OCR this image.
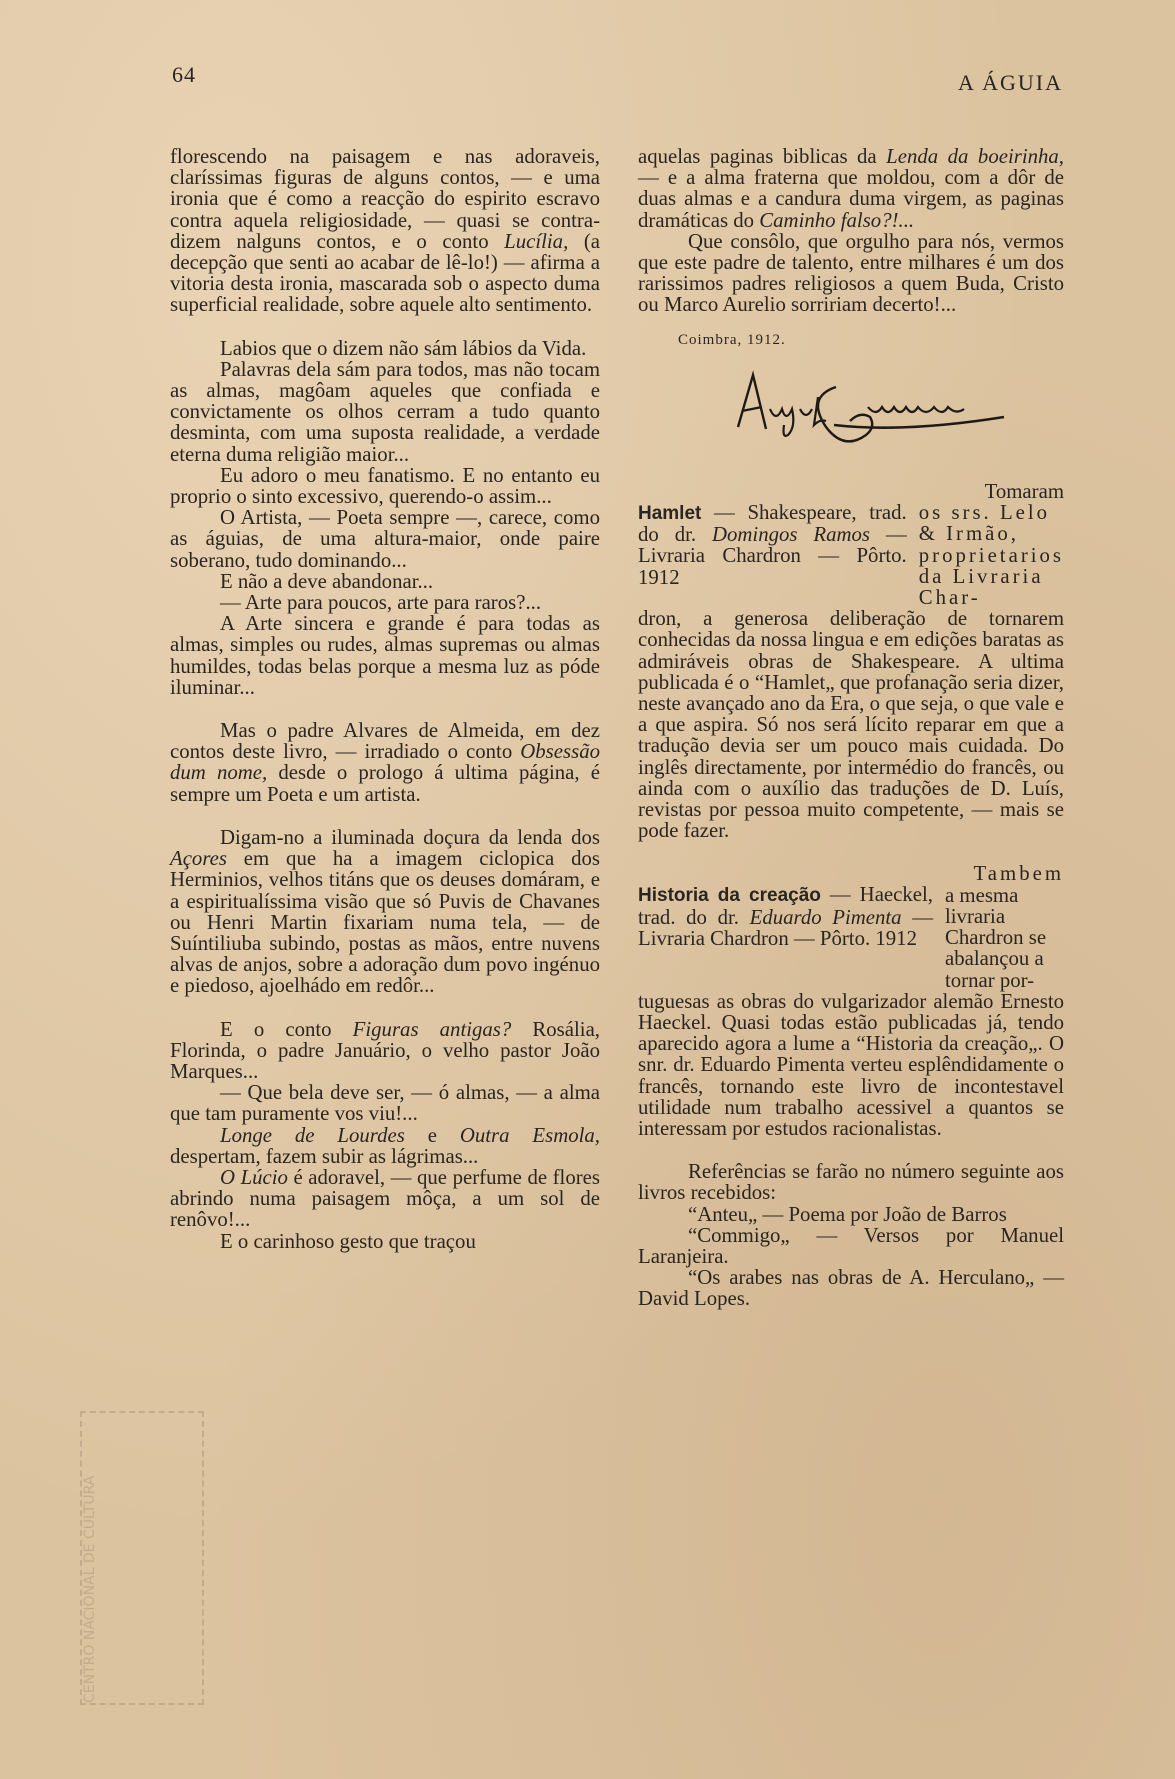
64	A ÁGUIA

florescendo na paisagem e nas adoraveis, claríssimas figuras de alguns contos, — e uma ironia que é como a reacção do espirito escravo contra aquela religiosidade, — quasi se contra-dizem nalguns contos, e o conto Lucília, (a decepção que senti ao acabar de lê-lo!) — afirma a vitoria desta ironia, mascarada sob o aspecto duma superficial realidade, sobre aquele alto sentimento.

Labios que o dizem não sám lábios da Vida.

Palavras dela sám para todos, mas não tocam as almas, magôam aqueles que confiada e convictamente os olhos cerram a tudo quanto desminta, com uma suposta realidade, a verdade eterna duma religião maior...

Eu adoro o meu fanatismo. E no entanto eu proprio o sinto excessivo, querendo-o assim...

O Artista, — Poeta sempre —, carece, como as águias, de uma altura-maior, onde paire soberano, tudo dominando...

E não a deve abandonar...

— Arte para poucos, arte para raros?...

A Arte sincera e grande é para todas as almas, simples ou rudes, almas supremas ou almas humildes, todas belas porque a mesma luz as póde iluminar...

Mas o padre Alvares de Almeida, em dez contos deste livro, — irradiado o conto Obsessão dum nome, desde o prologo á ultima página, é sempre um Poeta e um artista.

Digam-no a iluminada doçura da lenda dos Açores em que ha a imagem ciclopica dos Herminios, velhos titáns que os deuses domáram, e a espiritualíssima visão que só Puvis de Chavanes ou Henri Martin fixariam numa tela, — de Suíntiliuba subindo, postas as mãos, entre nuvens alvas de anjos, sobre a adoração dum povo ingénuo e piedoso, ajoelhádo em redôr...

E o conto Figuras antigas? Rosália, Florinda, o padre Januário, o velho pastor João Marques...

— Que bela deve ser, — ó almas, — a alma que tam puramente vos viu!...

Longe de Lourdes e Outra Esmola, despertam, fazem subir as lágrimas...

O Lúcio é adoravel, — que perfume de flores abrindo numa paisagem môça, a um sol de renôvo!...

E o carinhoso gesto que traçou

aquelas paginas biblicas da Lenda da boeirinha, — e a alma fraterna que moldou, com a dôr de duas almas e a candura duma virgem, as paginas dramáticas do Caminho falso?!...

Que consôlo, que orgulho para nós, vermos que este padre de talento, entre milhares é um dos rarissimos padres religiosos a quem Buda, Cristo ou Marco Aurelio sorririam decerto!...

Coimbra, 1912.

Hamlet — Shakespeare, trad. do dr. Domingos Ramos — Livraria Chardron — Pôrto. 1912

Tomaram

os srs. Lelo & Irmão, proprietarios da Livraria Char-

dron, a generosa deliberação de tornarem conhecidas da nossa lingua e em edições baratas as admiráveis obras de Shakespeare. A ultima publicada é o “Hamlet„ que profanação seria dizer, neste avançado ano da Era, o que seja, o que vale e a que aspira. Só nos será lícito reparar em que a tradução devia ser um pouco mais cuidada. Do inglês directamente, por intermédio do francês, ou ainda com o auxílio das traduções de D. Luís, revistas por pessoa muito competente, — mais se pode fazer.

Historia da creação — Haeckel, trad. do dr. Eduardo Pimenta — Livraria Chardron — Pôrto. 1912

Tambem

a mesma livraria Chardron se abalançou a tornar por-

tuguesas as obras do vulgarizador alemão Ernesto Haeckel. Quasi todas estão publicadas já, tendo aparecido agora a lume a “Historia da creação„. O snr. dr. Eduardo Pimenta verteu esplêndidamente o francês, tornando este livro de incontestavel utilidade num trabalho acessivel a quantos se interessam por estudos racionalistas.

Referências se farão no número seguinte aos livros recebidos:

“Anteu„ — Poema por João de Barros

“Commigo„ — Versos por Manuel Laranjeira.

“Os arabes nas obras de A. Herculano„ — David Lopes.

CENTRO NACIONAL DE CULTURA
